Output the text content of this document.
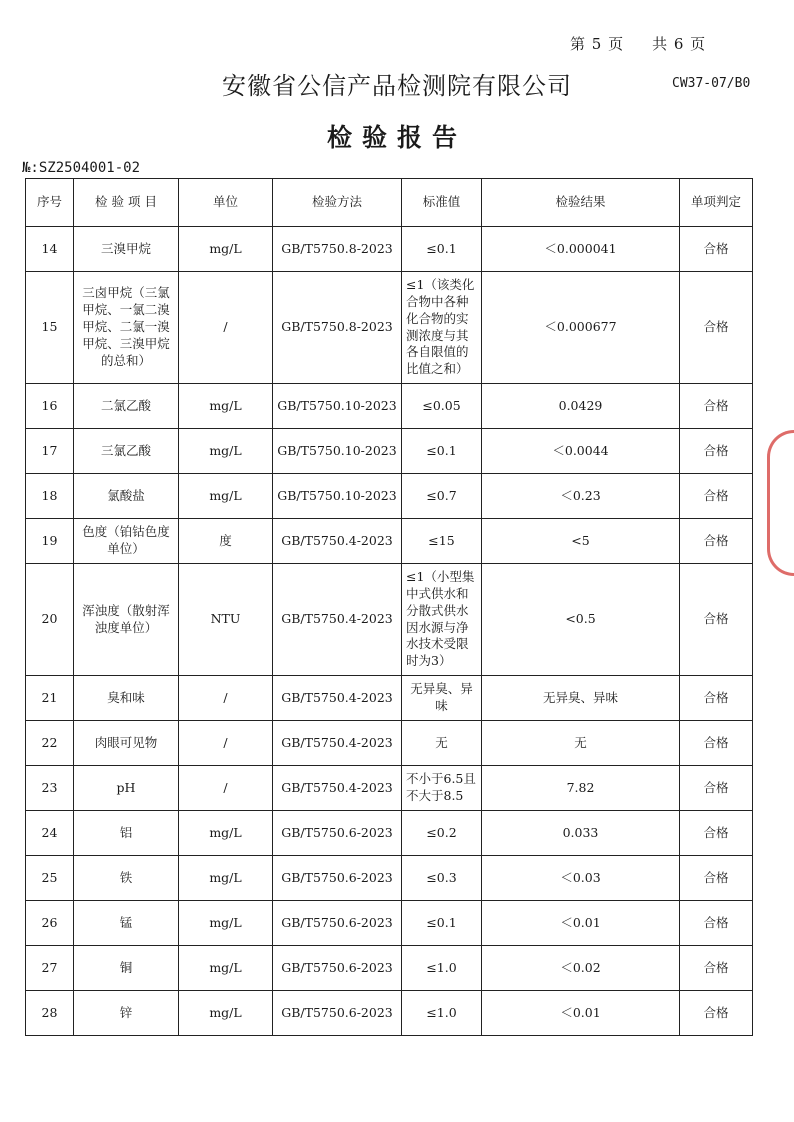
第 5 页 共 6 页
安徽省公信产品检测院有限公司	CW37-07/B0
检验报告
№:SZ2504001-02
序号	检 验 项 目	单位	检验方法	标准值	检验结果	单项判定
14	三溴甲烷	mg/L	GB/T5750.8-2023	≤0.1	＜0.000041	合格
15	三卤甲烷（三氯甲烷、一氯二溴甲烷、二氯一溴甲烷、三溴甲烷的总和）	/	GB/T5750.8-2023	≤1（该类化合物中各种化合物的实测浓度与其各自限值的比值之和）	＜0.000677	合格
16	二氯乙酸	mg/L	GB/T5750.10-2023	≤0.05	0.0429	合格
17	三氯乙酸	mg/L	GB/T5750.10-2023	≤0.1	＜0.0044	合格
18	氯酸盐	mg/L	GB/T5750.10-2023	≤0.7	＜0.23	合格
19	色度（铂钴色度单位）	度	GB/T5750.4-2023	≤15	<5	合格
20	浑浊度（散射浑浊度单位）	NTU	GB/T5750.4-2023	≤1（小型集中式供水和分散式供水因水源与净水技术受限时为3）	<0.5	合格
21	臭和味	/	GB/T5750.4-2023	无异臭、异味	无异臭、异味	合格
22	肉眼可见物	/	GB/T5750.4-2023	无	无	合格
23	pH	/	GB/T5750.4-2023	不小于6.5且不大于8.5	7.82	合格
24	铝	mg/L	GB/T5750.6-2023	≤0.2	0.033	合格
25	铁	mg/L	GB/T5750.6-2023	≤0.3	＜0.03	合格
26	锰	mg/L	GB/T5750.6-2023	≤0.1	＜0.01	合格
27	铜	mg/L	GB/T5750.6-2023	≤1.0	＜0.02	合格
28	锌	mg/L	GB/T5750.6-2023	≤1.0	＜0.01	合格
